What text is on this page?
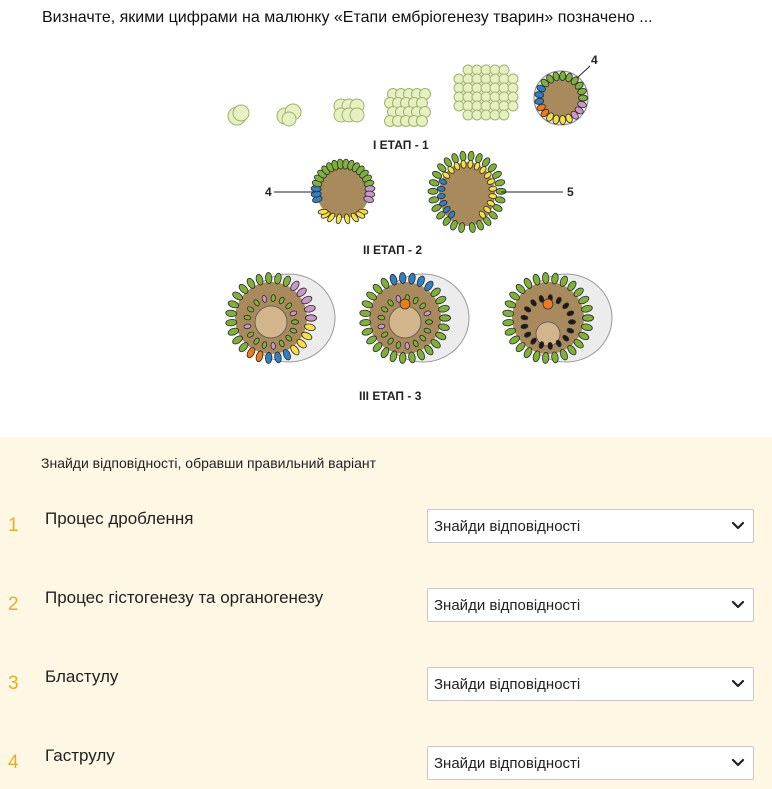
Визначте, якими цифрами на малюнку «Етапи ембріогенезу тварин» позначено ...
I ЕТАП - 1
II ЕТАП - 2
III ЕТАП - 3
4
4	5
Знайди відповідності, обравши правильний варіант
1 Процес дроблення	Знайди відповідності
2 Процес гістогенезу та органогенезу	Знайди відповідності
3 Бластулу	Знайди відповідності
4 Гаструлу	Знайди відповідності
